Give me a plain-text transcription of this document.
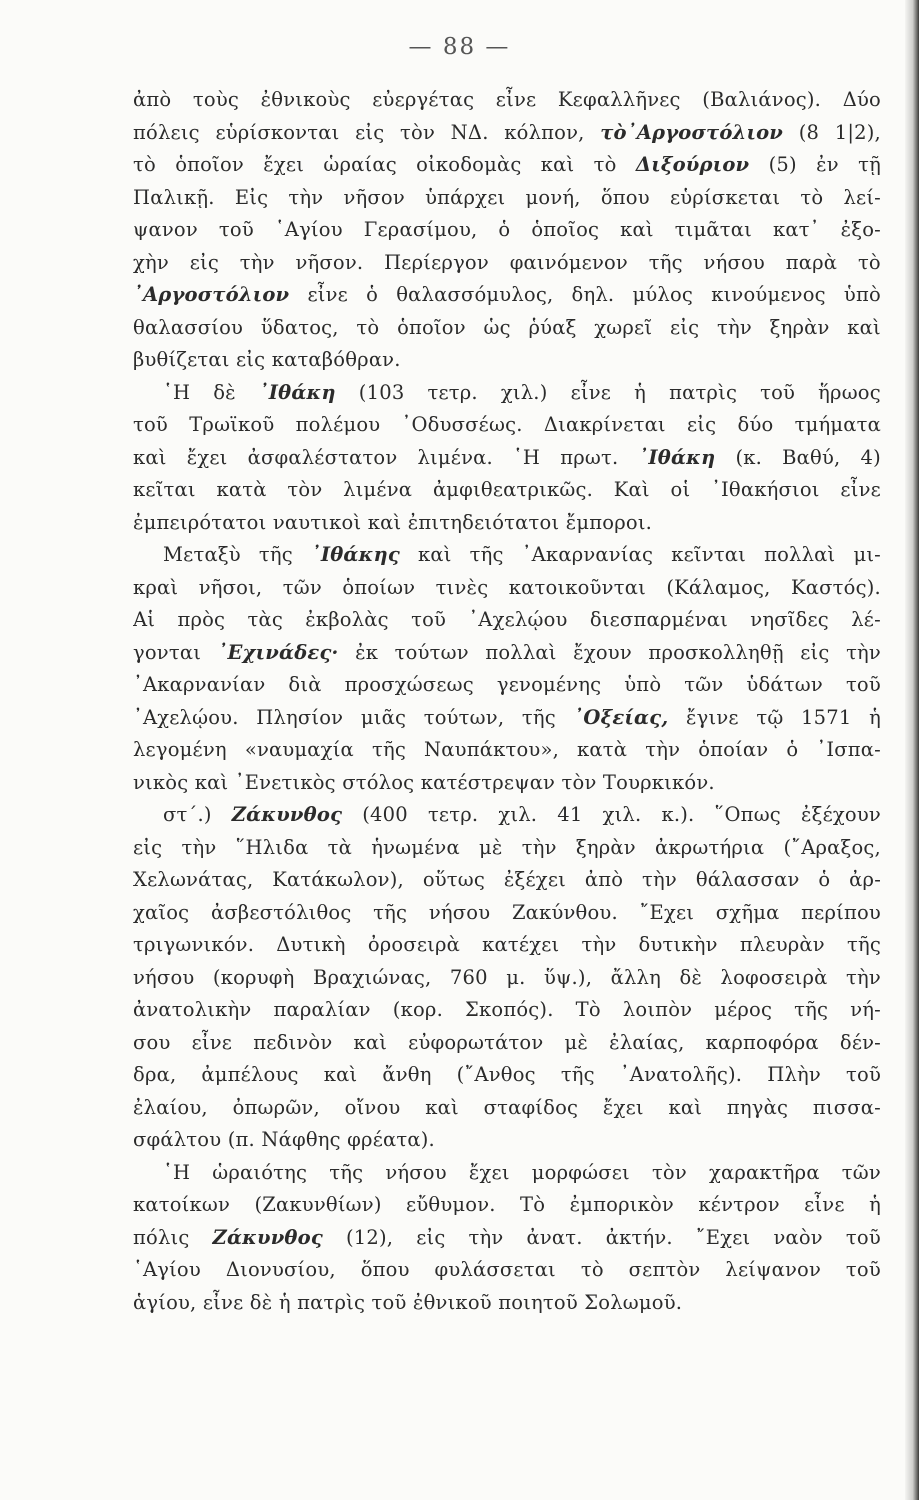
— 88 —
ἀπὸ τοὺς ἐθνικοὺς εὐεργέτας εἶνε Κεφαλλῆνες (Βαλιάνος). Δύο
πόλεις εὑρίσκονται εἰς τὸν ΝΔ. κόλπον, τὸ᾿Αργοστόλιον (8 1|2),
τὸ ὁποῖον ἔχει ὡραίας οἰκοδομὰς καὶ τὸ Διξούριον (5) ἐν τῇ
Παλικῇ. Εἰς τὴν νῆσον ὑπάρχει μονή, ὅπου εὑρίσκεται τὸ λεί-
ψανον τοῦ ῾Αγίου Γερασίμου, ὁ ὁποῖος καὶ τιμᾶται κατ᾿ ἐξο-
χὴν εἰς τὴν νῆσον. Περίεργον φαινόμενον τῆς νήσου παρὰ τὸ
᾿Αργοστόλιον εἶνε ὁ θαλασσόμυλος, δηλ. μύλος κινούμενος ὑπὸ
θαλασσίου ὕδατος, τὸ ὁποῖον ὡς ῥύαξ χωρεῖ εἰς τὴν ξηρὰν καὶ
βυθίζεται
εἰς
καταβόθραν.
῾Η δὲ ᾿Ιθάκη (103 τετρ. χιλ.) εἶνε ἡ πατρὶς τοῦ ἥρωος
τοῦ Τρωϊκοῦ πολέμου ᾿Οδυσσέως. Διακρίνεται εἰς δύο τμήματα
καὶ ἔχει ἀσφαλέστατον λιμένα. ῾Η πρωτ. ᾿Ιθάκη (κ. Βαθύ, 4)
κεῖται κατὰ τὸν λιμένα ἀμφιθεατρικῶς. Καὶ οἱ ᾿Ιθακήσιοι εἶνε
ἐμπειρότατοι
ναυτικοὶ
καὶ
ἐπιτηδειότατοι
ἔμποροι.
Μεταξὺ τῆς ᾿Ιθάκης καὶ τῆς ᾿Ακαρνανίας κεῖνται πολλαὶ μι-
κραὶ νῆσοι, τῶν ὁποίων τινὲς κατοικοῦνται (Κάλαμος, Καστός).
Αἱ πρὸς τὰς ἐκβολὰς τοῦ ᾿Αχελῴου διεσπαρμέναι νησῖδες λέ-
γονται ᾿Εχινάδες· ἐκ τούτων πολλαὶ ἔχουν προσκολληθῇ εἰς τὴν
᾿Ακαρνανίαν διὰ προσχώσεως γενομένης ὑπὸ τῶν ὑδάτων τοῦ
᾿Αχελῴου. Πλησίον μιᾶς τούτων, τῆς ᾿Οξείας, ἔγινε τῷ 1571 ἡ
λεγομένη «ναυμαχία τῆς Ναυπάκτου», κατὰ τὴν ὁποίαν ὁ ᾿Ισπα-
νικὸς
καὶ
᾿Ενετικὸς
στόλος
κατέστρεψαν
τὸν
Τουρκικόν.
στ΄.) Ζάκυνθος (400 τετρ. χιλ. 41 χιλ. κ.). ῞Οπως ἐξέχουν
εἰς τὴν ῞Ηλιδα τὰ ἡνωμένα μὲ τὴν ξηρὰν ἀκρωτήρια (῎Αραξος,
Χελωνάτας, Κατάκωλον), οὕτως ἐξέχει ἀπὸ τὴν θάλασσαν ὁ ἀρ-
χαῖος ἀσβεστόλιθος τῆς νήσου Ζακύνθου. ῎Εχει σχῆμα περίπου
τριγωνικόν. Δυτικὴ ὀροσειρὰ κατέχει τὴν δυτικὴν πλευρὰν τῆς
νήσου (κορυφὴ Βραχιώνας, 760 μ. ὕψ.), ἄλλη δὲ λοφοσειρὰ τὴν
ἀνατολικὴν παραλίαν (κορ. Σκοπός). Τὸ λοιπὸν μέρος τῆς νή-
σου εἶνε πεδινὸν καὶ εὐφορωτάτον μὲ ἐλαίας, καρποφόρα δέν-
δρα, ἀμπέλους καὶ ἄνθη (῎Ανθος τῆς ᾿Ανατολῆς). Πλὴν τοῦ
ἐλαίου, ὀπωρῶν, οἴνου καὶ σταφίδος ἔχει καὶ πηγὰς πισσα-
σφάλτου
(π.
Νάφθης
φρέατα).
῾Η ὡραιότης τῆς νήσου ἔχει μορφώσει τὸν χαρακτῆρα τῶν
κατοίκων (Ζακυνθίων) εὔθυμον. Τὸ ἐμπορικὸν κέντρον εἶνε ἡ
πόλις Ζάκυνθος (12), εἰς τὴν ἀνατ. ἀκτήν. ῎Εχει ναὸν τοῦ
῾Αγίου Διονυσίου, ὅπου φυλάσσεται τὸ σεπτὸν λείψανον τοῦ
ἁγίου,
εἶνε
δὲ
ἡ
πατρὶς
τοῦ
ἐθνικοῦ
ποιητοῦ
Σολωμοῦ.
